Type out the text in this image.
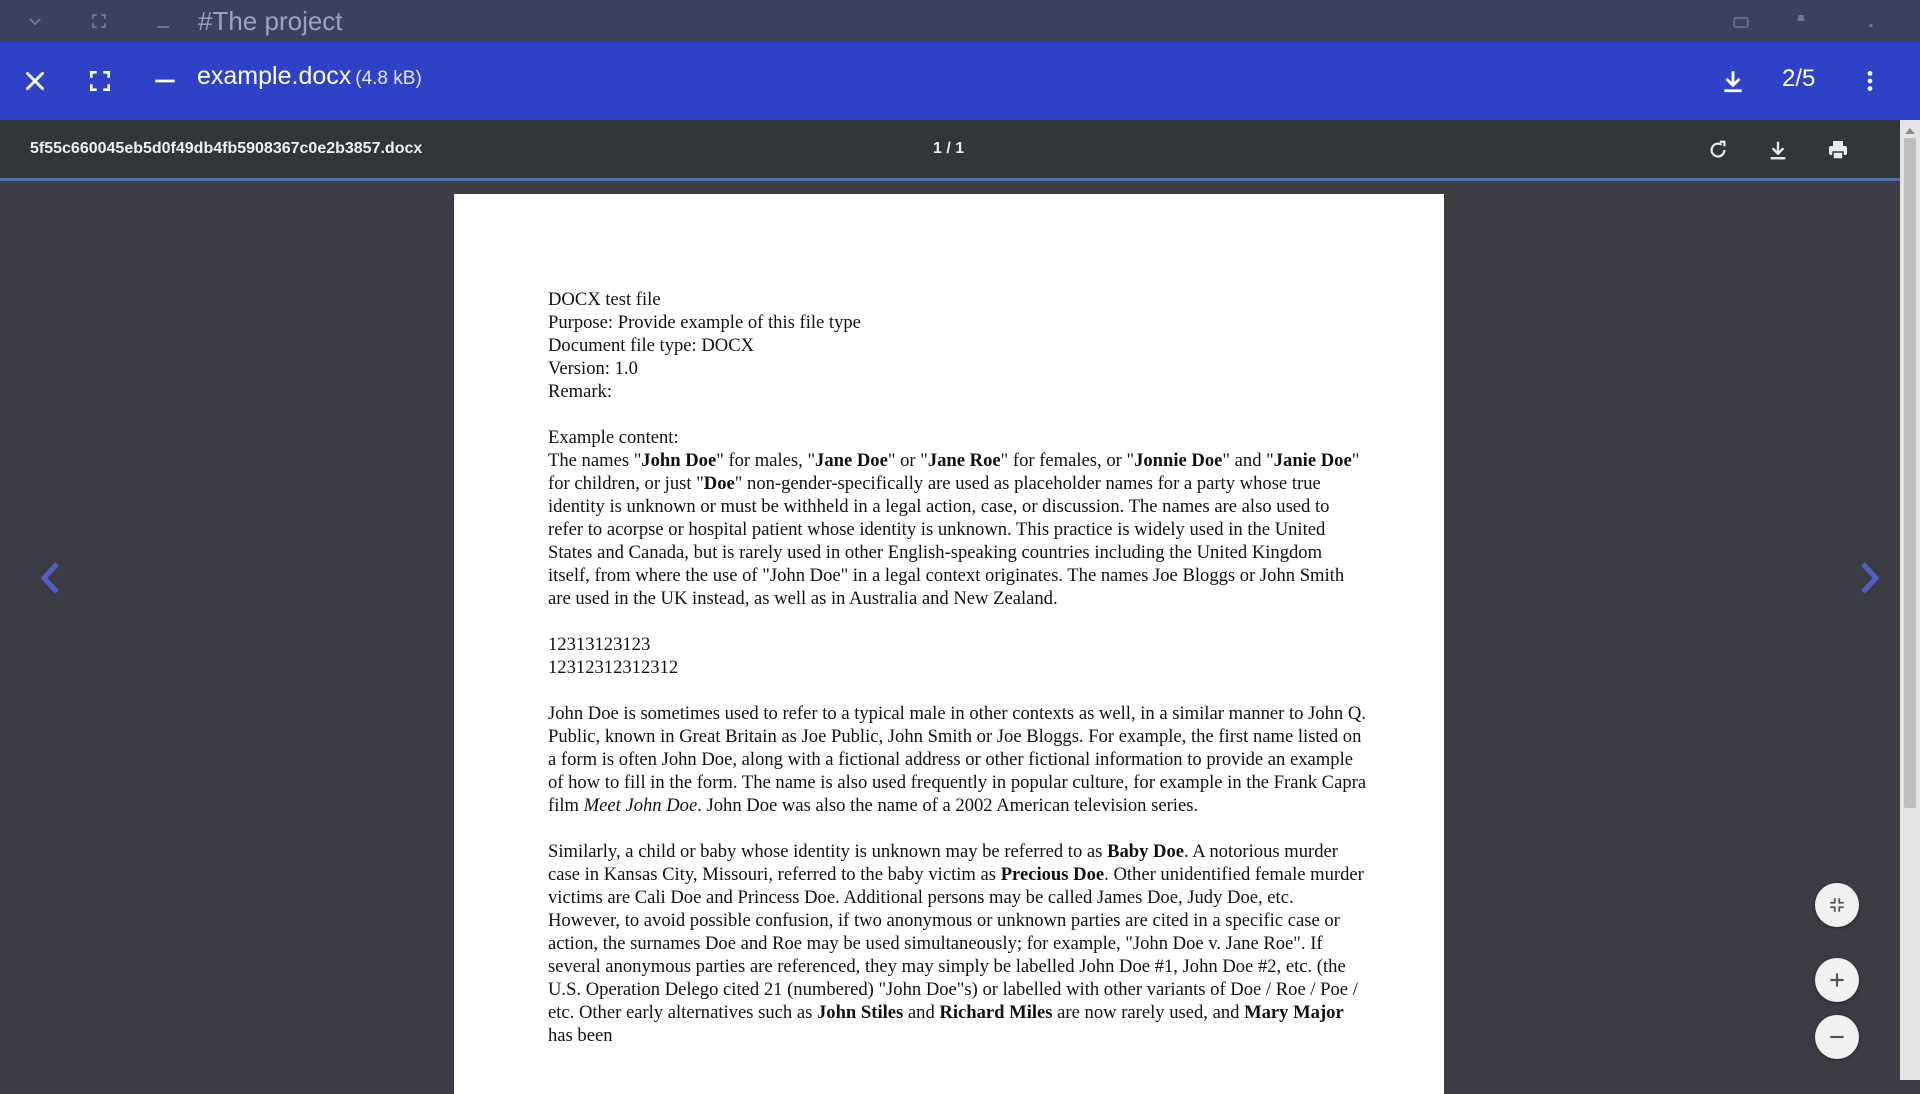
#The project
example.docx (4.8 kB)	2/5
5f55c660045eb5d0f49db4fb5908367c0e2b3857.docx	1 / 1

DOCX test file
Purpose: Provide example of this file type
Document file type: DOCX
Version: 1.0
Remark:

Example content:
The names "John Doe" for males, "Jane Doe" or "Jane Roe" for females, or "Jonnie Doe" and "Janie Doe" for children, or just "Doe" non-gender-specifically are used as placeholder names for a party whose true identity is unknown or must be withheld in a legal action, case, or discussion. The names are also used to refer to acorpse or hospital patient whose identity is unknown. This practice is widely used in the United States and Canada, but is rarely used in other English-speaking countries including the United Kingdom itself, from where the use of "John Doe" in a legal context originates. The names Joe Bloggs or John Smith are used in the UK instead, as well as in Australia and New Zealand.

12313123123
12312312312312

John Doe is sometimes used to refer to a typical male in other contexts as well, in a similar manner to John Q. Public, known in Great Britain as Joe Public, John Smith or Joe Bloggs. For example, the first name listed on a form is often John Doe, along with a fictional address or other fictional information to provide an example of how to fill in the form. The name is also used frequently in popular culture, for example in the Frank Capra film Meet John Doe. John Doe was also the name of a 2002 American television series.

Similarly, a child or baby whose identity is unknown may be referred to as Baby Doe. A notorious murder case in Kansas City, Missouri, referred to the baby victim as Precious Doe. Other unidentified female murder victims are Cali Doe and Princess Doe. Additional persons may be called James Doe, Judy Doe, etc. However, to avoid possible confusion, if two anonymous or unknown parties are cited in a specific case or action, the surnames Doe and Roe may be used simultaneously; for example, "John Doe v. Jane Roe". If several anonymous parties are referenced, they may simply be labelled John Doe #1, John Doe #2, etc. (the U.S. Operation Delego cited 21 (numbered) "John Doe"s) or labelled with other variants of Doe / Roe / Poe / etc. Other early alternatives such as John Stiles and Richard Miles are now rarely used, and Mary Major has been
